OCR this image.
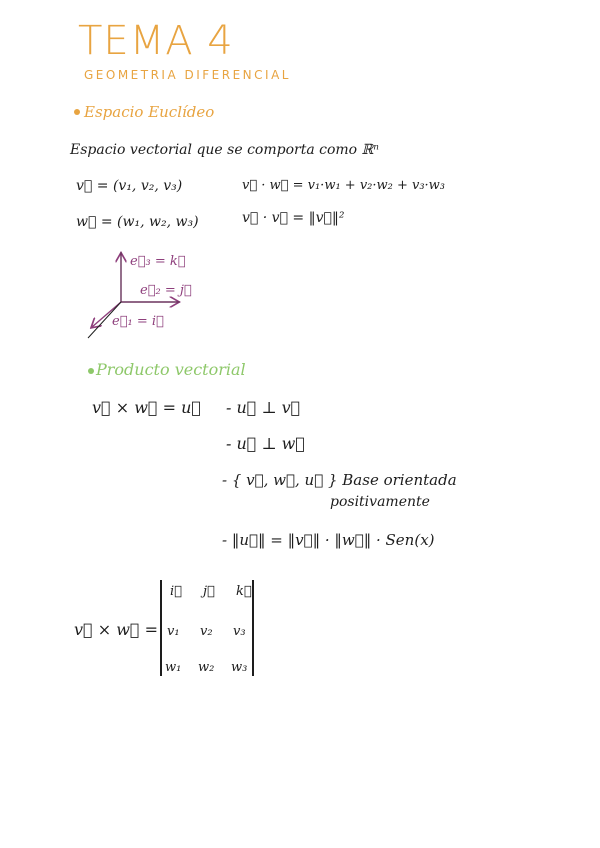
TEMA 4
GEOMETRIA DIFERENCIAL
Espacio Euclídeo
Espacio vectorial que se comporta como ℝⁿ
v⃗ = (v₁, v₂, v₃)	v⃗ · w⃗ = v₁·w₁ + v₂·w₂ + v₃·w₃
w⃗ = (w₁, w₂, w₃)	v⃗ · v⃗ = ‖v⃗‖²
e⃗₃ = k⃗
e⃗₂ = j⃗
e⃗₁ = i⃗
Producto vectorial
v⃗ × w⃗ = u⃗ - u⃗ ⊥ v⃗
- u⃗ ⊥ w⃗
- { v⃗, w⃗, u⃗ } Base orientada
positivamente
- ‖u⃗‖ = ‖v⃗‖ · ‖w⃗‖ · Sen(x)
v⃗ × w⃗ =
i⃗ j⃗ k⃗
v₁ v₂ v₃
w₁ w₂ w₃
